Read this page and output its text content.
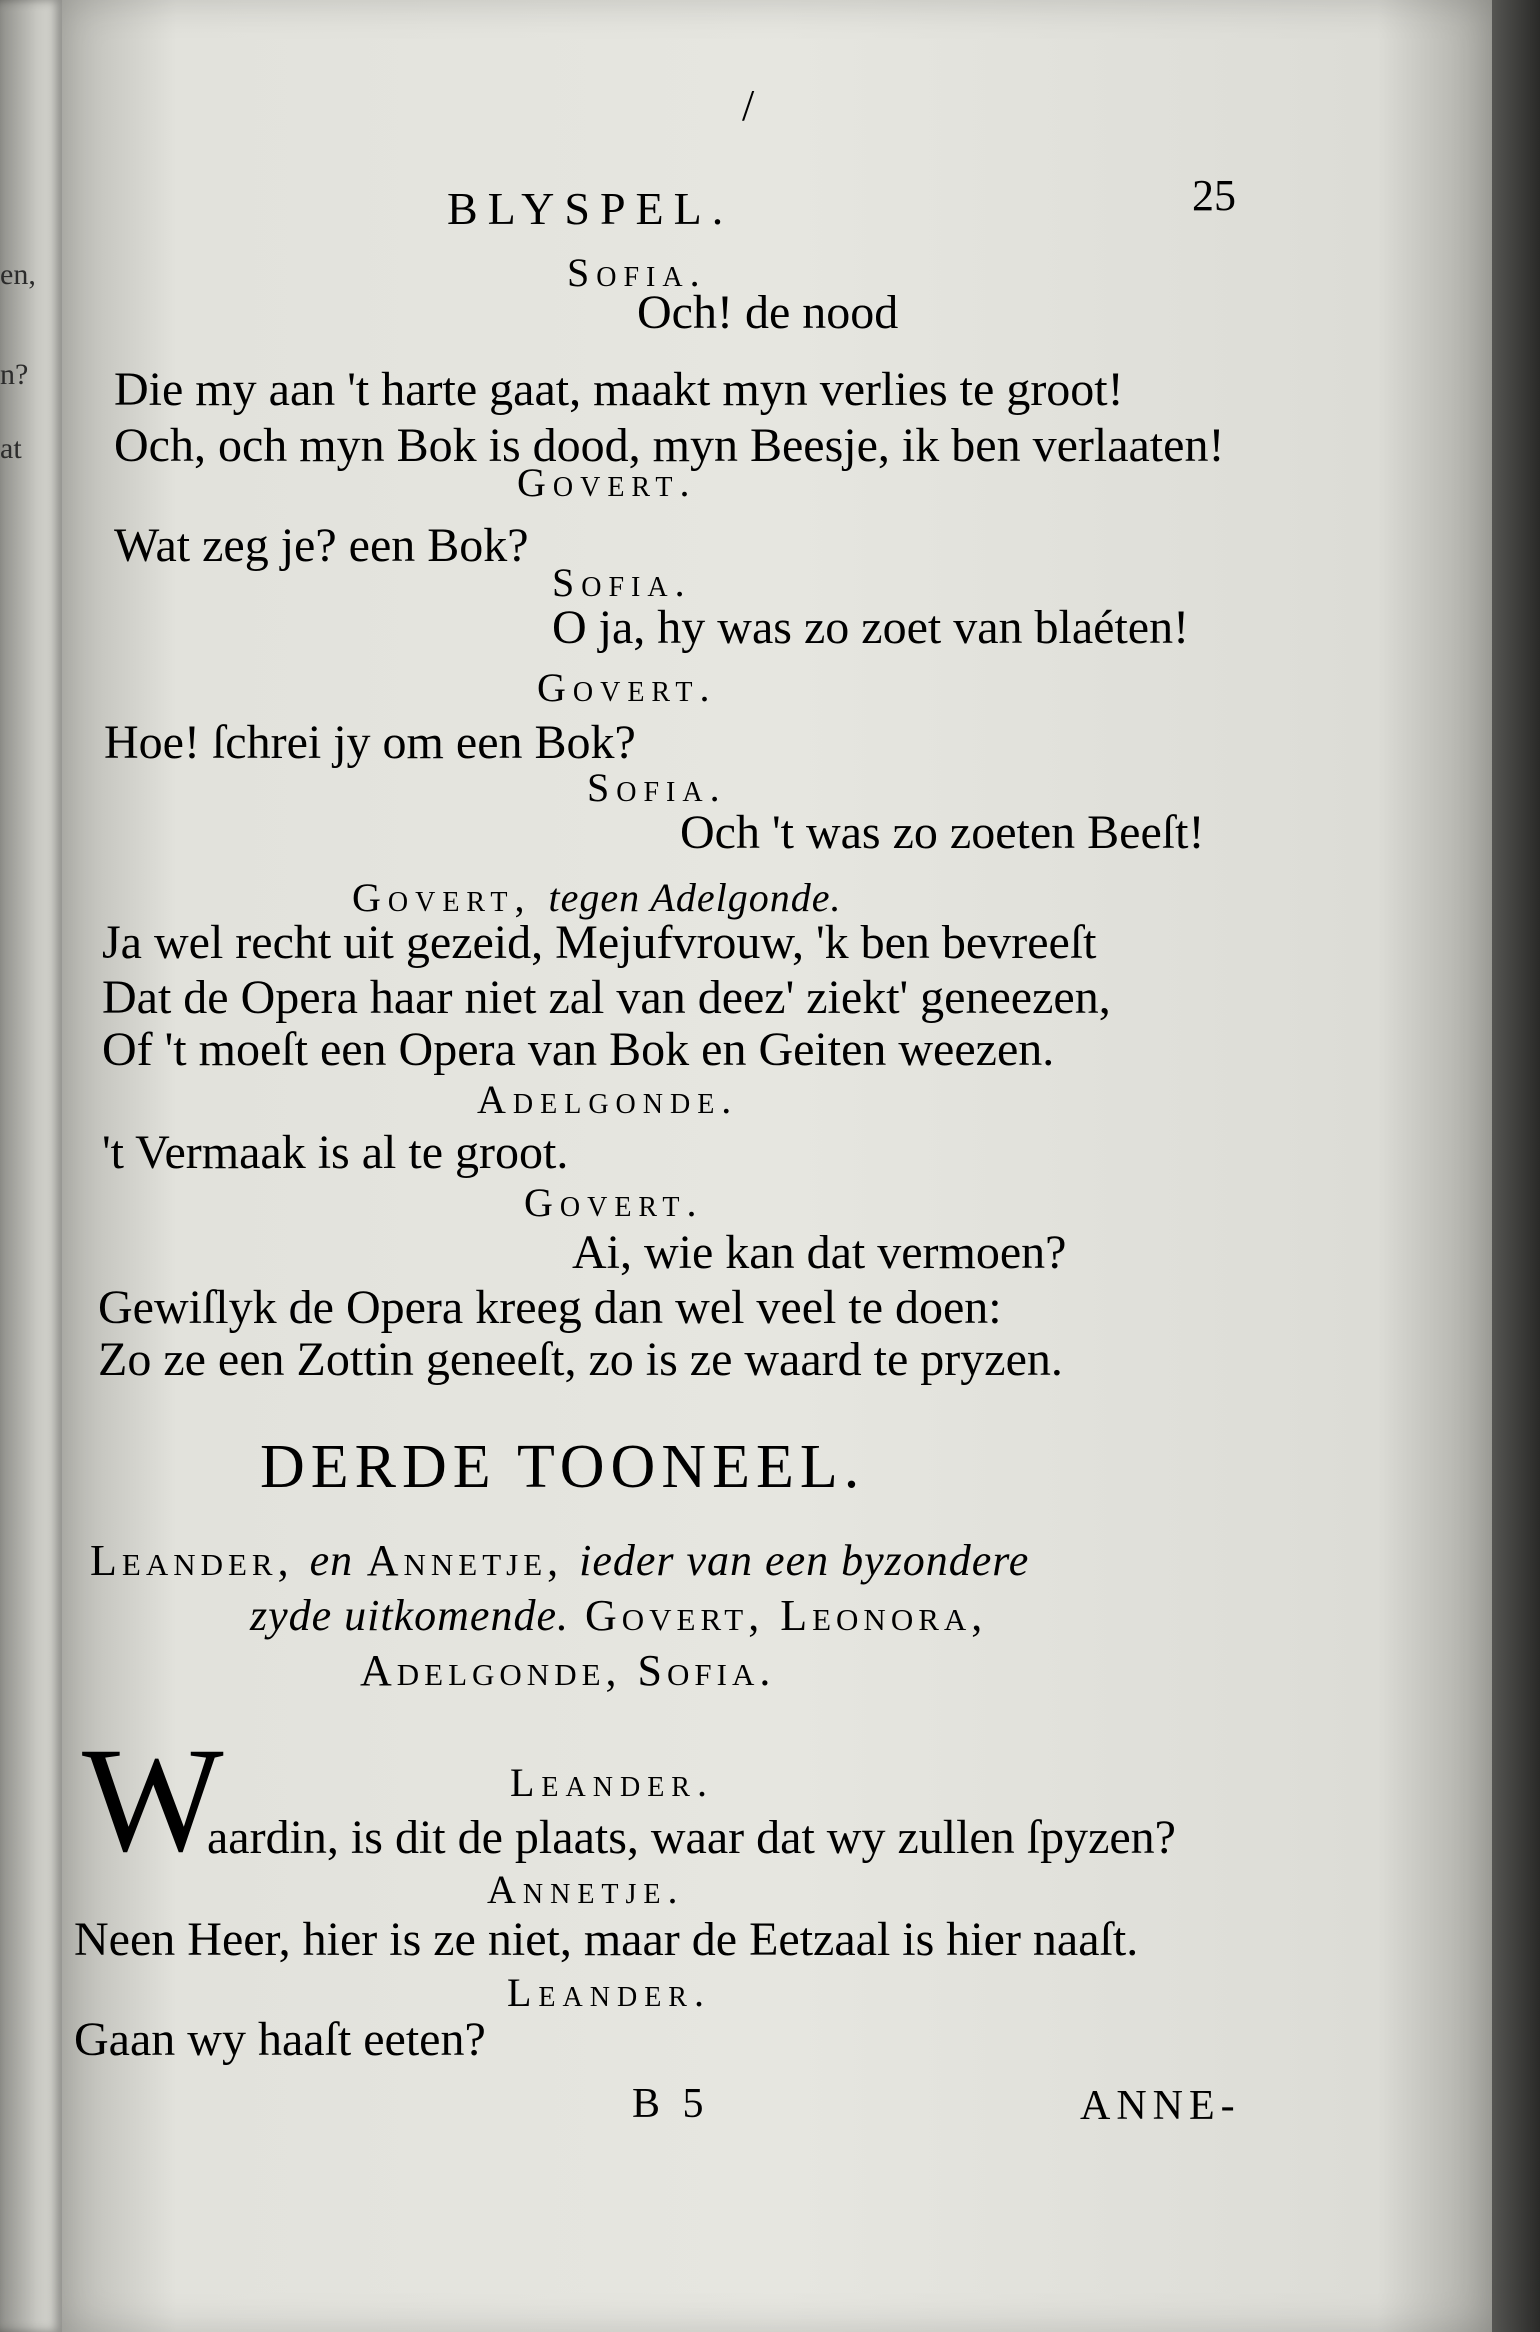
en,
n?
at
/
BLYSPEL.	25
Sofia.
Och! de nood
Die my aan 't harte gaat, maakt myn verlies te groot!
Och, och myn Bok is dood, myn Beesje, ik ben verlaaten!
Govert.
Wat zeg je? een Bok?
Sofia.
O ja, hy was zo zoet van blaéten!
Govert.
Hoe! ſchrei jy om een Bok?
Sofia.
Och 't was zo zoeten Beeſt!
Govert, tegen Adelgonde.
Ja wel recht uit gezeid, Mejufvrouw, 'k ben bevreeſt
Dat de Opera haar niet zal van deez' ziekt' geneezen,
Of 't moeſt een Opera van Bok en Geiten weezen.
Adelgonde.
't Vermaak is al te groot.
Govert.
Ai, wie kan dat vermoen?
Gewiſlyk de Opera kreeg dan wel veel te doen:
Zo ze een Zottin geneeſt, zo is ze waard te pryzen.
DERDE TOONEEL.
Leander, en Annetje, ieder van een byzondere
zyde uitkomende. Govert, Leonora,
Adelgonde, Sofia.
W	Leander.
aardin, is dit de plaats, waar dat wy zullen ſpyzen?
Annetje.
Neen Heer, hier is ze niet, maar de Eetzaal is hier naaſt.
Leander.
Gaan wy haaſt eeten?
B 5	ANNE-
